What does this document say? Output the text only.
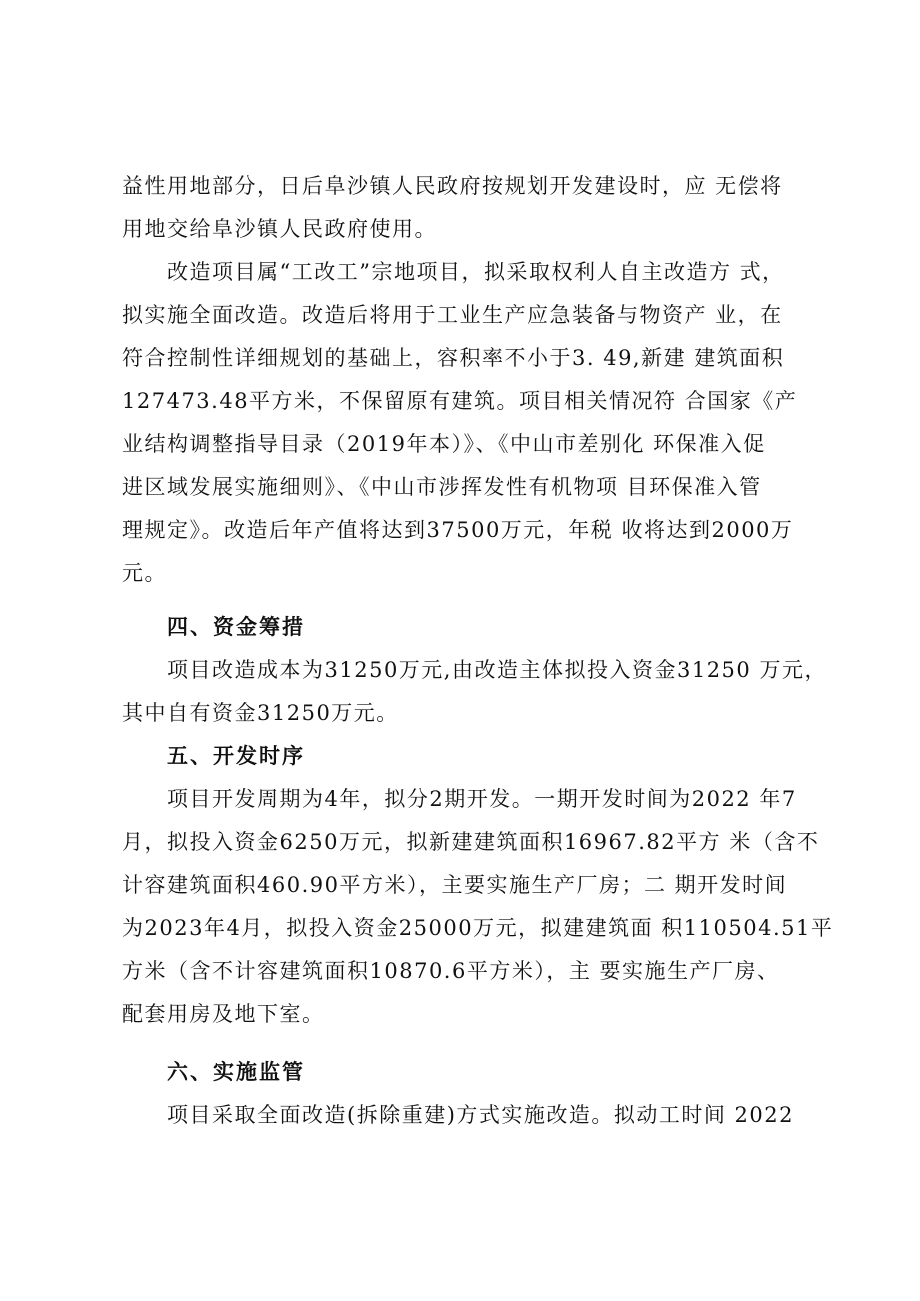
益性用地部分，日后阜沙镇人民政府按规划开发建设时，应 无偿将
用地交给阜沙镇人民政府使用。
改造项目属“工改工”宗地项目，拟采取权利人自主改造方 式，
拟实施全面改造。改造后将用于工业生产应急装备与物资产 业，在
符合控制性详细规划的基础上，容积率不小于3. 49,新建 建筑面积
127473.48平方米，不保留原有建筑。项目相关情况符 合国家《产
业结构调整指导目录（2019年本）》、《中山市差别化 环保准入促
进区域发展实施细则》、《中山市涉挥发性有机物项 目环保准入管
理规定》。改造后年产值将达到37500万元，年税 收将达到2000万
元。
四、资金筹措
项目改造成本为31250万元,由改造主体拟投入资金31250 万元，
其中自有资金31250万元。
五、开发时序
项目开发周期为4年，拟分2期开发。一期开发时间为2022 年7
月，拟投入资金6250万元，拟新建建筑面积16967.82平方 米（含不
计容建筑面积460.90平方米），主要实施生产厂房；二 期开发时间
为2023年4月，拟投入资金25000万元，拟建建筑面 积110504.51平
方米（含不计容建筑面积10870.6平方米），主 要实施生产厂房、
配套用房及地下室。
六、实施监管
项目采取全面改造(拆除重建)方式实施改造。拟动工时间 2022
